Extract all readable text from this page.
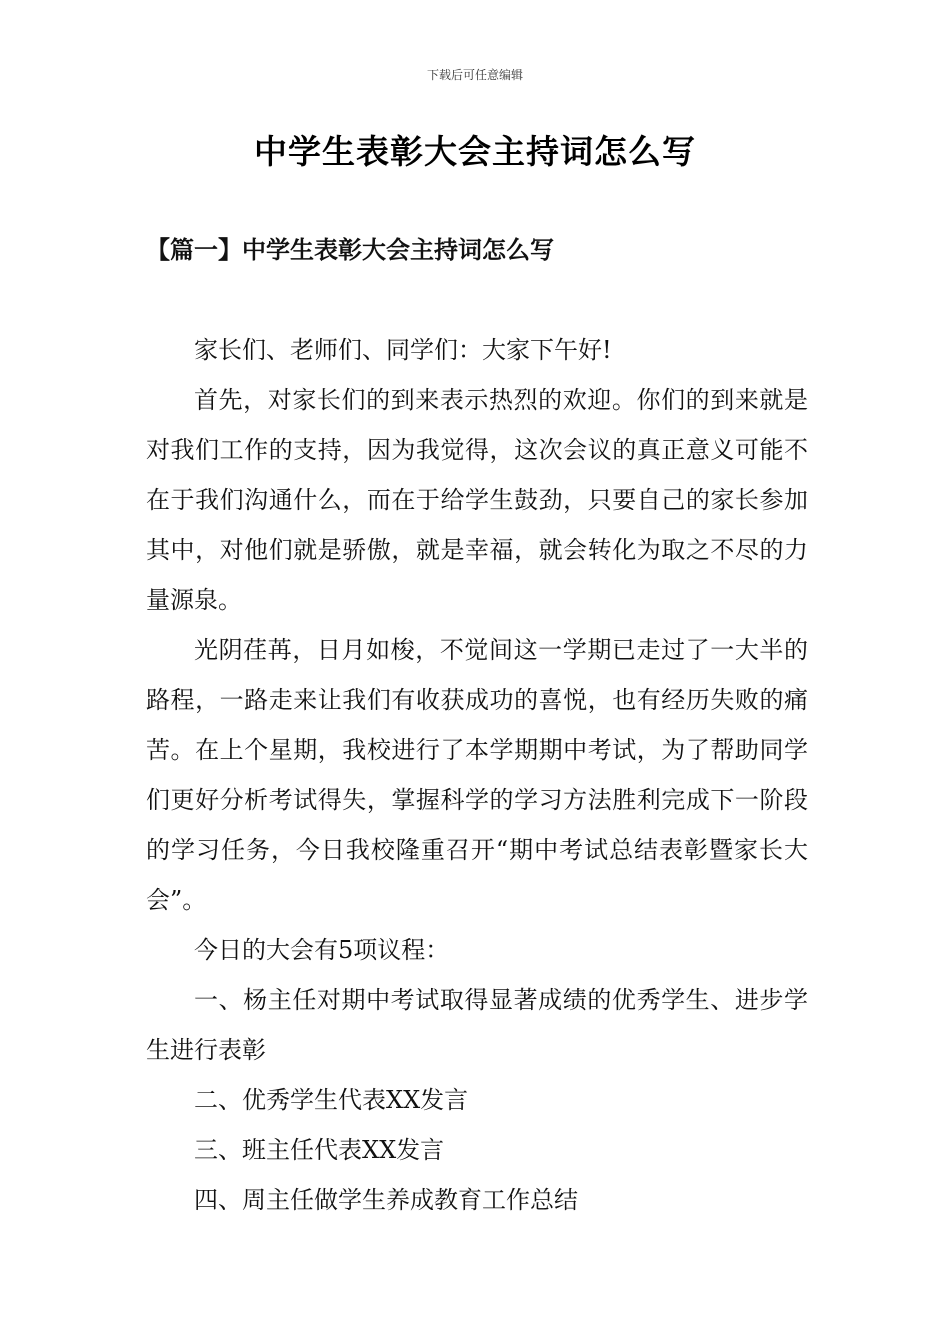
下载后可任意编辑
中学生表彰大会主持词怎么写
【篇一】中学生表彰大会主持词怎么写

家长们、老师们、同学们：大家下午好!

首先，对家长们的到来表示热烈的欢迎。你们的到来就是对我们工作的支持，因为我觉得，这次会议的真正意义可能不在于我们沟通什么，而在于给学生鼓劲，只要自己的家长参加其中，对他们就是骄傲，就是幸福，就会转化为取之不尽的力量源泉。

光阴荏苒，日月如梭，不觉间这一学期已走过了一大半的路程，一路走来让我们有收获成功的喜悦，也有经历失败的痛苦。在上个星期，我校进行了本学期期中考试，为了帮助同学们更好分析考试得失，掌握科学的学习方法胜利完成下一阶段的学习任务，今日我校隆重召开“期中考试总结表彰暨家长大会”。

今日的大会有5项议程：

一、杨主任对期中考试取得显著成绩的优秀学生、进步学生进行表彰

二、优秀学生代表XX发言

三、班主任代表XX发言

四、周主任做学生养成教育工作总结
